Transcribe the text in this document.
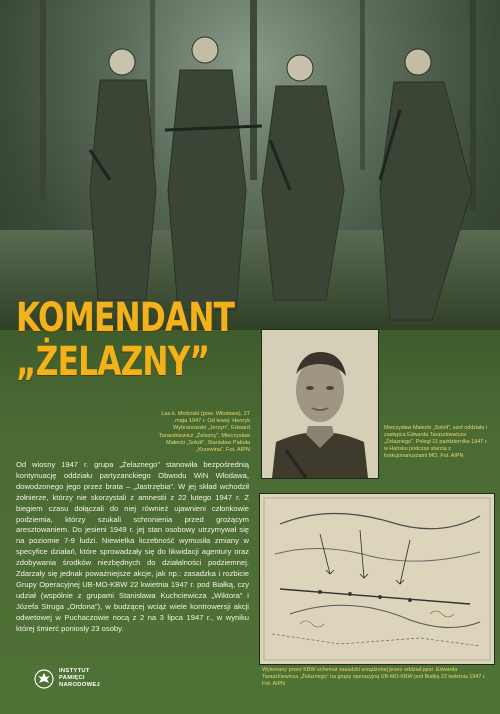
KOMENDANT
„ŻELAZNY”
Las k. Mościski (pow. Włodawa), 27 maja 1947 r. Od lewej: Henryk Wybranowski „Jerzyn”, Edward Taraszkiewicz „Żelazny”, Mieczysław Małecki „Sokół”, Stanisław Pakuła „Krzewina”. Fot. AIPN
Od wiosny 1947 r. grupa „Żelaznego” stanowiła bezpośrednią kontynuację oddziału partyzanckiego Obwodu WiN Włodawa, dowodzonego jego przez brata – „Jastrzębia”. W jej skład wchodził żołnierze, którzy nie skorzystali z amnestii z 22 lutego 1947 r. Z biegiem czasu dołączali do niej również ujawnieni członkowie podziemia, którzy szukali schronienia przed grożącym aresztowaniem. Do jesieni 1949 r. jej stan osobowy utrzymywał się na poziomie 7-9 ludzi. Niewielka liczebność wymusiła zmiany w specyfice działań, które sprowadzały się do likwidacji agentury oraz zdobywania środków niezbędnych do działalności podziemnej. Zdarzały się jednak poważniejsze akcje, jak np.: zasadzka i rozbicie Grupy Operacyjnej UB-MO-KBW 22 kwietnia 1947 r. pod Białką, czy udział (wspólnie z grupami Stanisława Kuchciewicza „Wiktora” i Józefa Struga „Ordona”), w budzącej wciąż wiele kontrowersji akcji odwetowej w Puchaczowie nocą z 2 na 3 lipca 1947 r., w wyniku której śmierć poniosły 23 osoby.
Mieczysław Małecki „Sokół”, szef oddziału i zastępca Edwarda Taraszkiewicza „Żelaznego”. Poległ 11 października 1947 r. w Hańsku podczas starcia z funkcjonariuszami MO. Fot. AIPN
Wykonany przez KBW schemat zasadzki urządzonej przez oddział ppor. Edwarda Taraszkiewicza „Żelaznego” na grupę operacyjną UB-MO-KBW pod Białką 22 kwietnia 1947 r. Fot. AIPN
INSTYTUT
PAMIĘCI
NARODOWEJ
